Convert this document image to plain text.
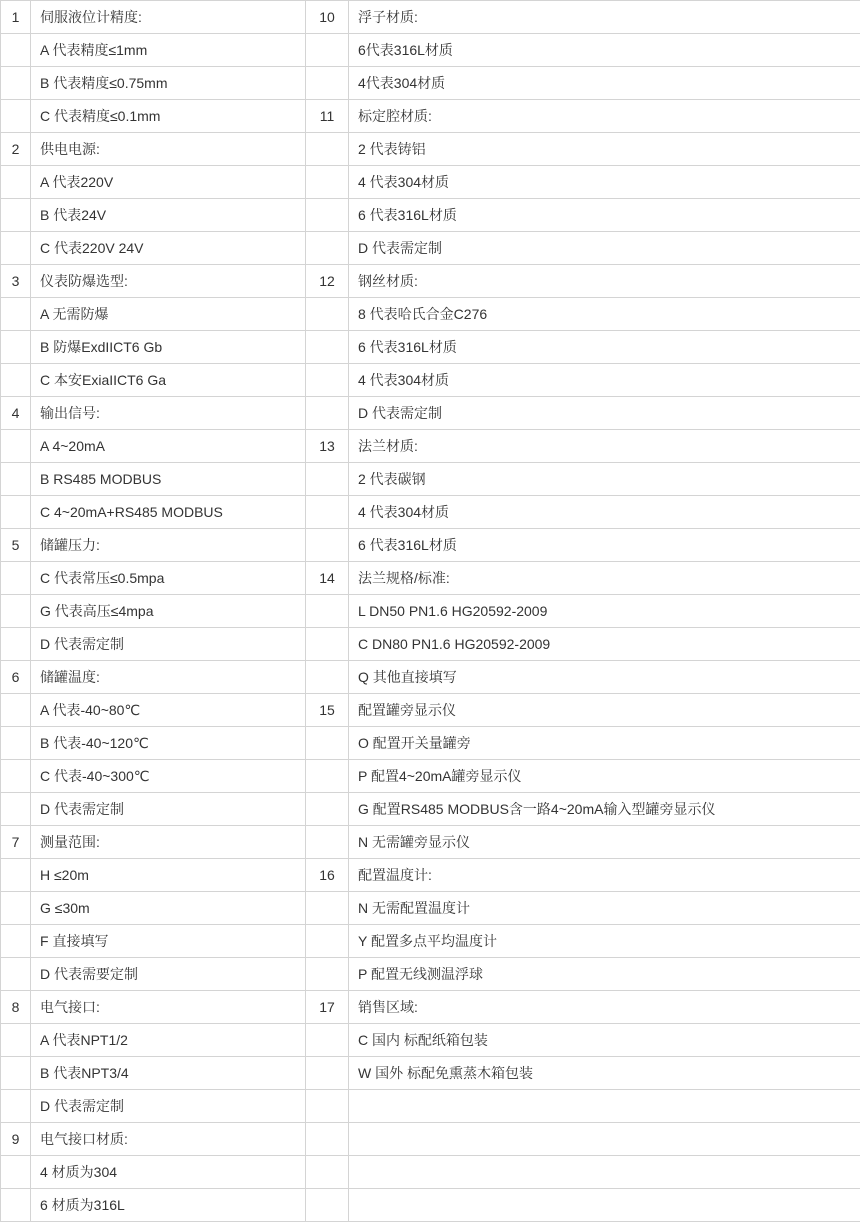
1	伺服液位计精度:	10	浮子材质:
	A 代表精度≤1mm		6代表316L材质
	B 代表精度≤0.75mm		4代表304材质
	C 代表精度≤0.1mm	11	标定腔材质:
2	供电电源:		2 代表铸铝
	A 代表220V		4 代表304材质
	B 代表24V		6 代表316L材质
	C 代表220V 24V		D 代表需定制
3	仪表防爆选型:	12	钢丝材质:
	A 无需防爆		8 代表哈氏合金C276
	B 防爆ExdIICT6 Gb		6 代表316L材质
	C 本安ExiaIICT6 Ga		4 代表304材质
4	输出信号:		D 代表需定制
	A 4~20mA	13	法兰材质:
	B RS485 MODBUS		2 代表碳钢
	C 4~20mA+RS485 MODBUS		4 代表304材质
5	储罐压力:		6 代表316L材质
	C 代表常压≤0.5mpa	14	法兰规格/标准:
	G 代表高压≤4mpa		L DN50 PN1.6 HG20592-2009
	D 代表需定制		C DN80 PN1.6 HG20592-2009
6	储罐温度:		Q 其他直接填写
	A 代表-40~80℃	15	配置罐旁显示仪
	B 代表-40~120℃		O 配置开关量罐旁
	C 代表-40~300℃		P 配置4~20mA罐旁显示仪
	D 代表需定制		G 配置RS485 MODBUS含一路4~20mA输入型罐旁显示仪
7	测量范围:		N 无需罐旁显示仪
	H ≤20m	16	配置温度计:
	G ≤30m		N 无需配置温度计
	F 直接填写		Y 配置多点平均温度计
	D 代表需要定制		P 配置无线测温浮球
8	电气接口:	17	销售区域:
	A 代表NPT1/2		C 国内 标配纸箱包装
	B 代表NPT3/4		W 国外 标配免熏蒸木箱包装
	D 代表需定制		
9	电气接口材质:		
	4 材质为304		
	6 材质为316L		
